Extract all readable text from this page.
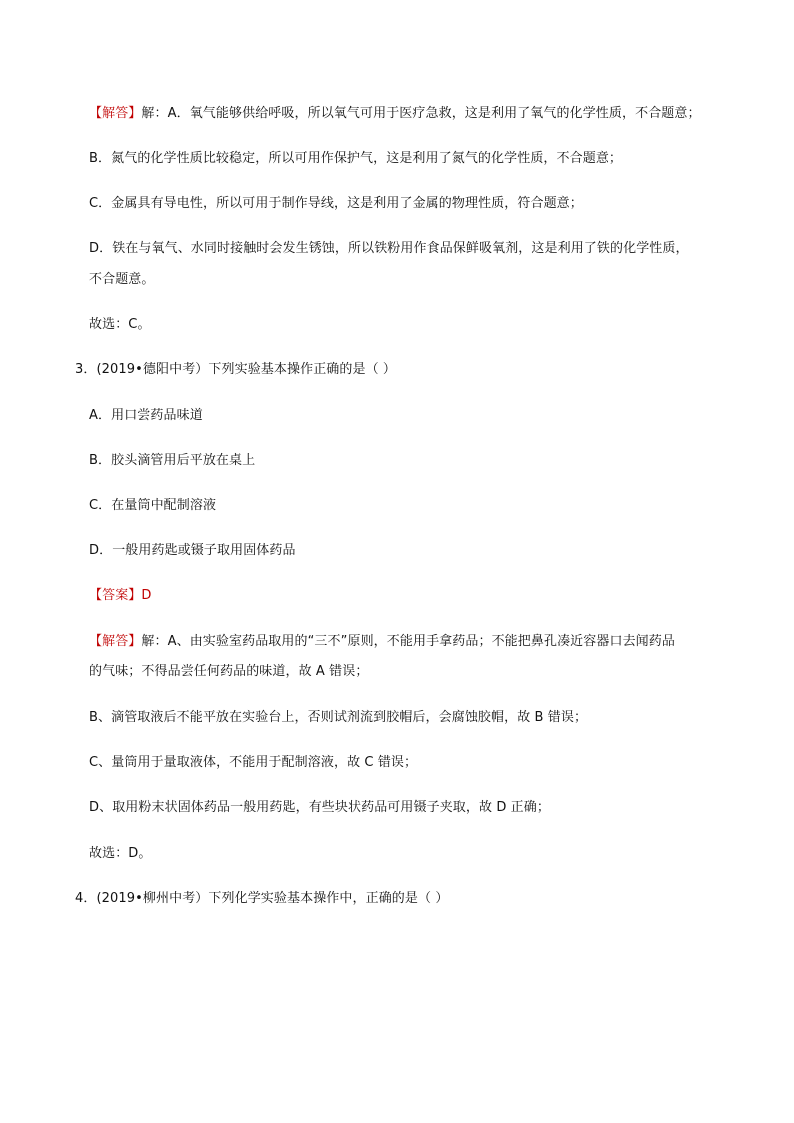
【解答】解：A．氧气能够供给呼吸，所以氧气可用于医疗急救，这是利用了氧气的化学性质，不合题意；
B．氮气的化学性质比较稳定，所以可用作保护气，这是利用了氮气的化学性质，不合题意；
C．金属具有导电性，所以可用于制作导线，这是利用了金属的物理性质，符合题意；
D．铁在与氧气、水同时接触时会发生锈蚀，所以铁粉用作食品保鲜吸氧剂，这是利用了铁的化学性质，
不合题意。
故选：C。
3．(2019•德阳中考）下列实验基本操作正确的是（ ）
A．用口尝药品味道
B．胶头滴管用后平放在桌上
C．在量筒中配制溶液
D．一般用药匙或镊子取用固体药品
【答案】D
【解答】解：A、由实验室药品取用的“三不”原则，不能用手拿药品；不能把鼻孔凑近容器口去闻药品
的气味；不得品尝任何药品的味道，故 A 错误；
B、滴管取液后不能平放在实验台上，否则试剂流到胶帽后，会腐蚀胶帽，故 B 错误；
C、量筒用于量取液体，不能用于配制溶液，故 C 错误；
D、取用粉末状固体药品一般用药匙，有些块状药品可用镊子夹取，故 D 正确；
故选：D。
4．(2019•柳州中考）下列化学实验基本操作中，正确的是（ ）
